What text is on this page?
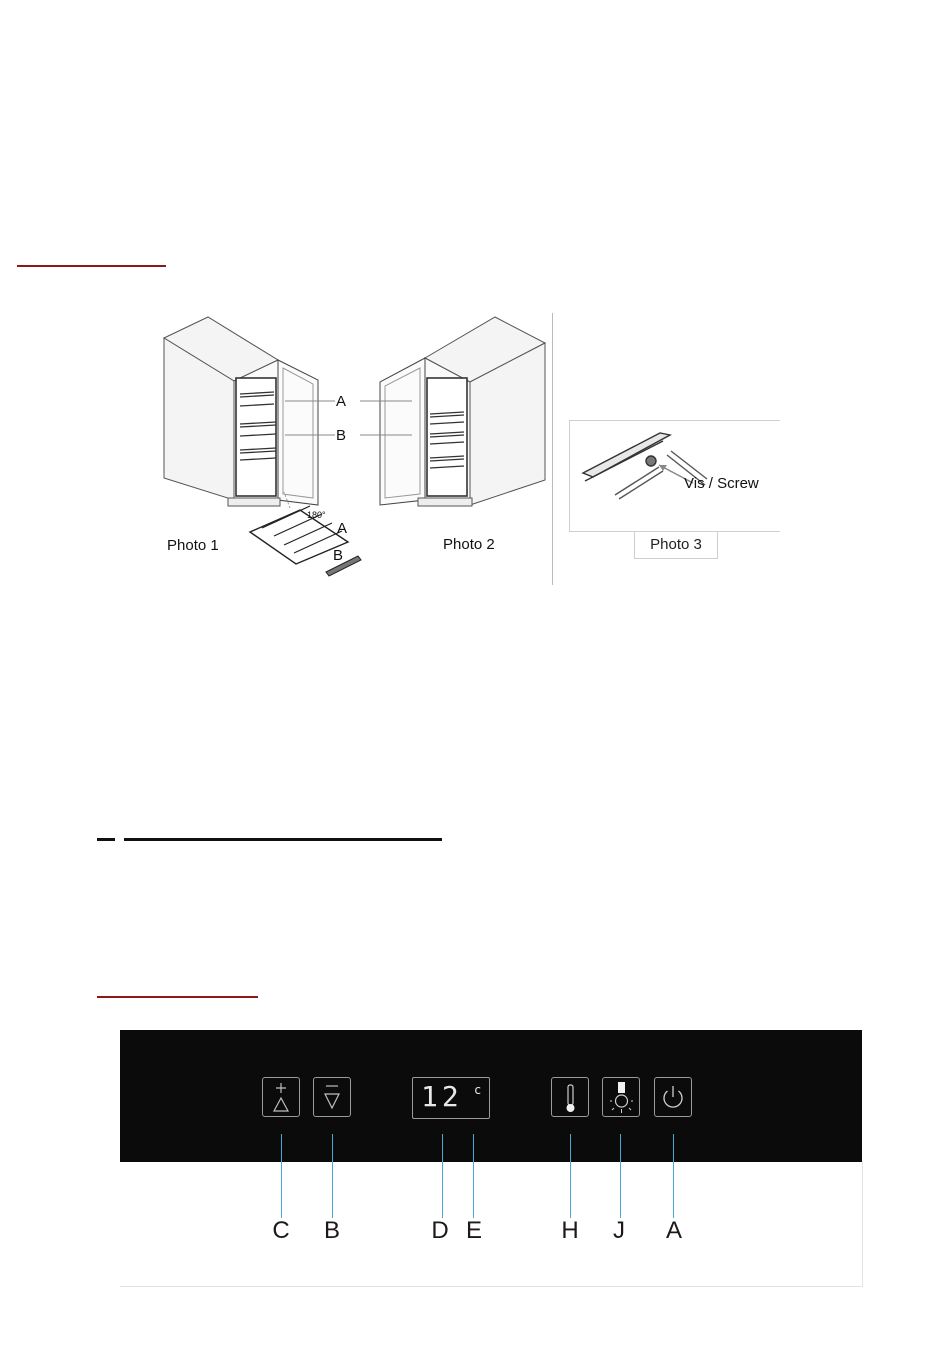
A
B
180°
A
B
Photo 1	Photo 2
Vis / Screw
Photo 3
12 c
C B	D E	H J A
